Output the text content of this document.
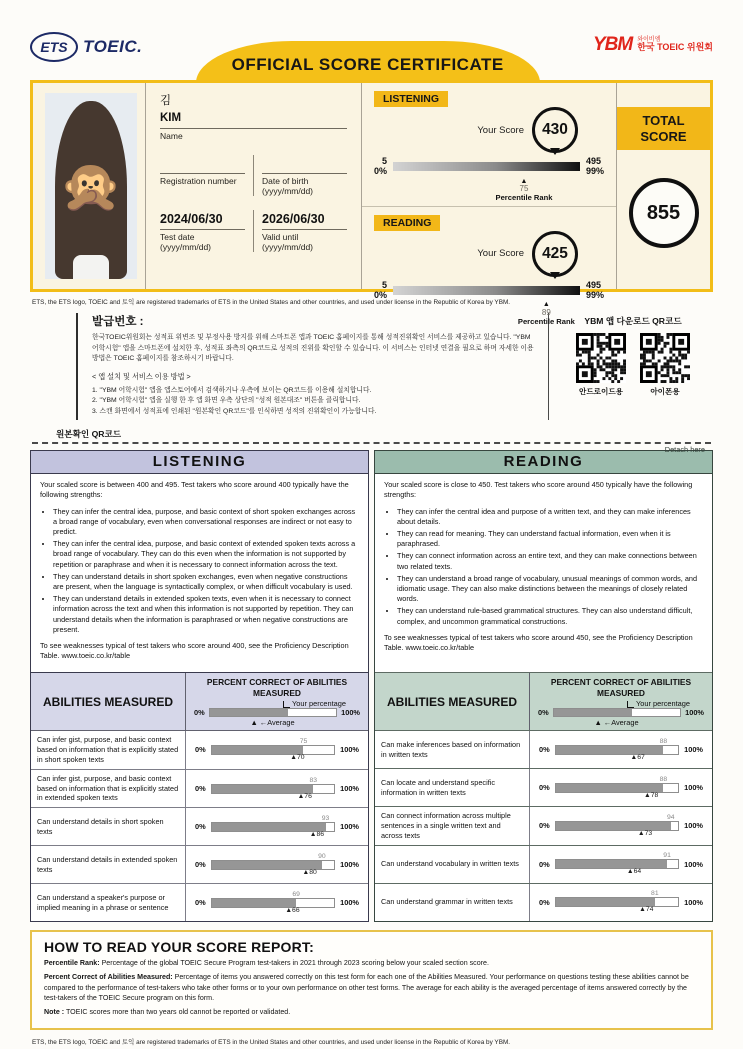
ETS TOEIC.
OFFICIAL SCORE CERTIFICATE
YBM 와이비엠
한국 TOEIC 위원회
🙊
김
KIM
Name
Registration number	Date of birth (yyyy/mm/dd)
2024/06/30
Test date (yyyy/mm/dd)
2026/06/30
Valid until (yyyy/mm/dd)
LISTENING
Your Score	430
5
0%
495
99%
▲
75
Percentile Rank
READING
Your Score	425
5
0%
495
99%
▲
89
Percentile Rank
TOTAL SCORE
855
ETS, the ETS logo, TOEIC and 토익 are registered trademarks of ETS in the United States and other countries, and used under license in the Republic of Korea by YBM.
발급번호 :
한국TOEIC위원회는 성적표 위변조 및 부정사용 방지를 위해 스마트폰 앱과 TOEIC 홈페이지를 통해 성적진위확인 서비스를 제공하고 있습니다. "YBM 어학시험" 앱을 스마트폰에 설치한 후, 성적표 좌측의 QR코드로 성적의 진위를 확인할 수 있습니다. 이 서비스는 인터넷 연결을 필요로 하며 자세한 이용방법은 TOEIC 홈페이지를 참조하시기 바랍니다.
< 앱 설치 및 서비스 이용 방법 >
1. "YBM 어학시험" 앱을 앱스토어에서 검색하거나 우측에 보이는 QR코드를 이용해 설치합니다.
2. "YBM 어학시험" 앱을 실행 한 후 앱 화면 우측 상단의 "성적 원본대조" 버튼을 클릭합니다.
3. 스캔 화면에서 성적표에 인쇄된 "원본확인 QR코드"를 인식하면 성적의 진위확인이 가능합니다.
YBM 앱 다운로드 QR코드
안드로이드용	아이폰용
원본확인 QR코드
Detach here
LISTENING
Your scaled score is between 400 and 495. Test takers who score around 400 typically have the following strengths:
• They can infer the central idea, purpose, and basic context of short spoken exchanges across a broad range of vocabulary, even when conversational responses are indirect or not easy to predict.
• They can infer the central idea, purpose, and basic context of extended spoken texts across a broad range of vocabulary. They can do this even when the information is not supported by repetition or paraphrase and when it is necessary to connect information across the text.
• They can understand details in short spoken exchanges, even when negative constructions are present, when the language is syntactically complex, or when difficult vocabulary is used.
• They can understand details in extended spoken texts, even when it is necessary to connect information across the text and when this information is not supported by repetition. They can understand details when the information is paraphrased or when negative constructions are present.
To see weaknesses typical of test takers who score around 400, see the Proficiency Description Table. www.toeic.co.kr/table
ABILITIES MEASURED
PERCENT CORRECT OF ABILITIES MEASURED
Your percentage
0%	100%
▲ ←Average
Can infer gist, purpose, and basic context based on information that is explicitly stated in short spoken texts
0%
75
▲70
100%
Can infer gist, purpose, and basic context based on information that is explicitly stated in extended spoken texts
0%
83
▲76
100%
Can understand details in short spoken texts	0%
93
▲86
100%
Can understand details in extended spoken texts	0%
90
▲80
100%
Can understand a speaker's purpose or implied meaning in a phrase or sentence	0%
69
▲66
100%
READING
Your scaled score is close to 450. Test takers who score around 450 typically have the following strengths:
• They can infer the central idea and purpose of a written text, and they can make inferences about details.
• They can read for meaning. They can understand factual information, even when it is paraphrased.
• They can connect information across an entire text, and they can make connections between two related texts.
• They can understand a broad range of vocabulary, unusual meanings of common words, and idiomatic usage. They can also make distinctions between the meanings of closely related words.
• They can understand rule-based grammatical structures. They can also understand difficult, complex, and uncommon grammatical constructions.
To see weaknesses typical of test takers who score around 450, see the Proficiency Description Table. www.toeic.co.kr/table
ABILITIES MEASURED
PERCENT CORRECT OF ABILITIES MEASURED
Your percentage
0%	100%
▲ ←Average
Can make inferences based on information in written texts	0%
88
▲67
100%
Can locate and understand specific information in written texts	0%
88
▲78
100%
Can connect information across multiple sentences in a single written text and across texts
0%
94
▲73
100%
Can understand vocabulary in written texts	0%
91
▲64
100%
Can understand grammar in written texts	0%
81
▲74
100%
HOW TO READ YOUR SCORE REPORT:

Percentile Rank: Percentage of the global TOEIC Secure Program test-takers in 2021 through 2023 scoring below your scaled section score.

Percent Correct of Abilities Measured: Percentage of items you answered correctly on this test form for each one of the Abilities Measured. Your performance on questions testing these abilities cannot be compared to the performance of test-takers who take other forms or to your own performance on other test forms. The average for each ability is the averaged percentage of items answered correctly by the test-takers of the TOEIC Secure program on this form.

Note : TOEIC scores more than two years old cannot be reported or validated.

ETS, the ETS logo, TOEIC and 토익 are registered trademarks of ETS in the United States and other countries, and used under license in the Republic of Korea by YBM.
